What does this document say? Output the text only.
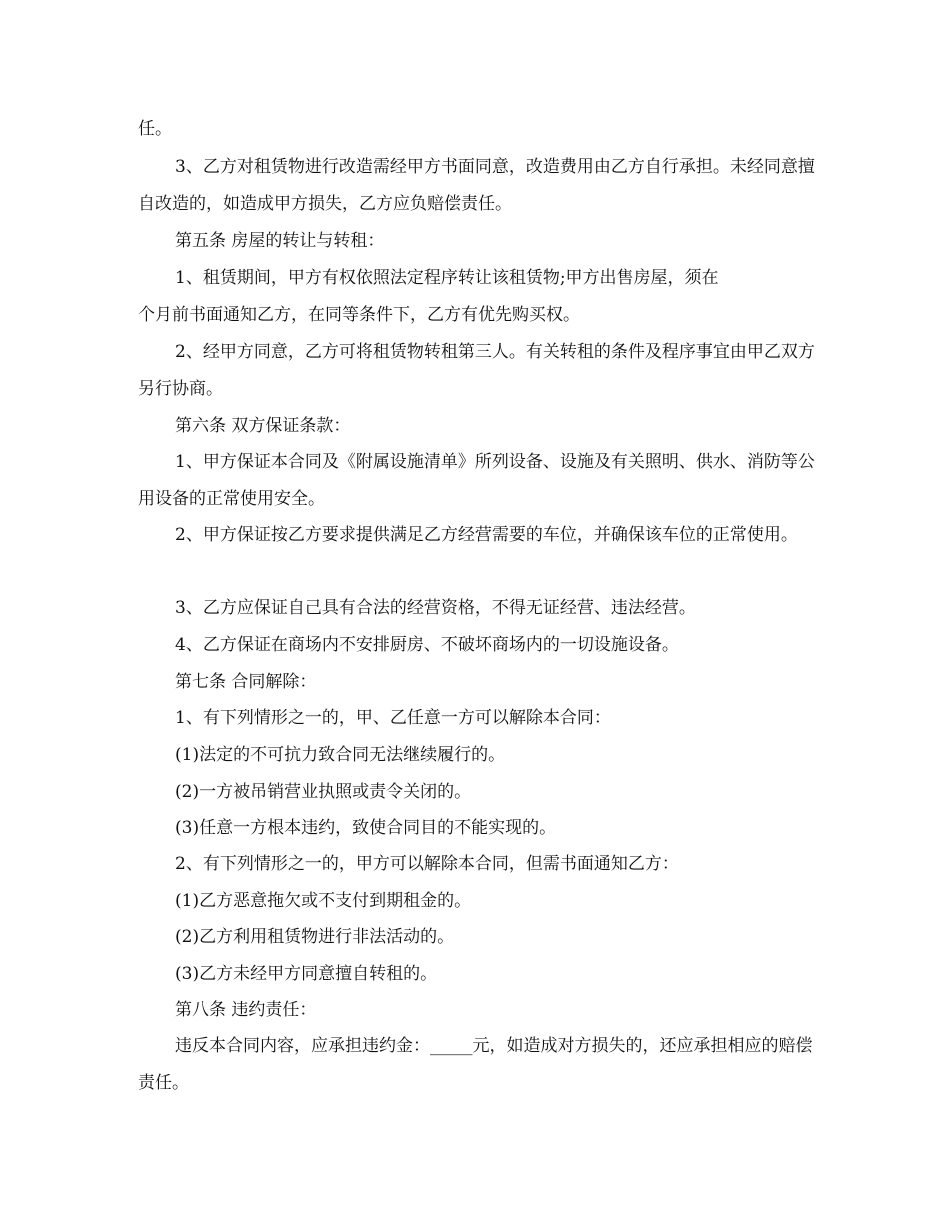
任。

3、乙方对租赁物进行改造需经甲方书面同意，改造费用由乙方自行承担。未经同意擅自改造的，如造成甲方损失，乙方应负赔偿责任。

第五条 房屋的转让与转租：

1、租赁期间，甲方有权依照法定程序转让该租赁物;甲方出售房屋，须在

个月前书面通知乙方，在同等条件下，乙方有优先购买权。

2、经甲方同意，乙方可将租赁物转租第三人。有关转租的条件及程序事宜由甲乙双方另行协商。

第六条 双方保证条款：

1、甲方保证本合同及《附属设施清单》所列设备、设施及有关照明、供水、消防等公用设备的正常使用安全。

2、甲方保证按乙方要求提供满足乙方经营需要的车位，并确保该车位的正常使用。

3、乙方应保证自己具有合法的经营资格，不得无证经营、违法经营。

4、乙方保证在商场内不安排厨房、不破坏商场内的一切设施设备。

第七条 合同解除：

1、有下列情形之一的，甲、乙任意一方可以解除本合同：

(1)法定的不可抗力致合同无法继续履行的。

(2)一方被吊销营业执照或责令关闭的。

(3)任意一方根本违约，致使合同目的不能实现的。

2、有下列情形之一的，甲方可以解除本合同，但需书面通知乙方：

(1)乙方恶意拖欠或不支付到期租金的。

(2)乙方利用租赁物进行非法活动的。

(3)乙方未经甲方同意擅自转租的。

第八条 违约责任：

违反本合同内容，应承担违约金：_____元，如造成对方损失的，还应承担相应的赔偿责任。
